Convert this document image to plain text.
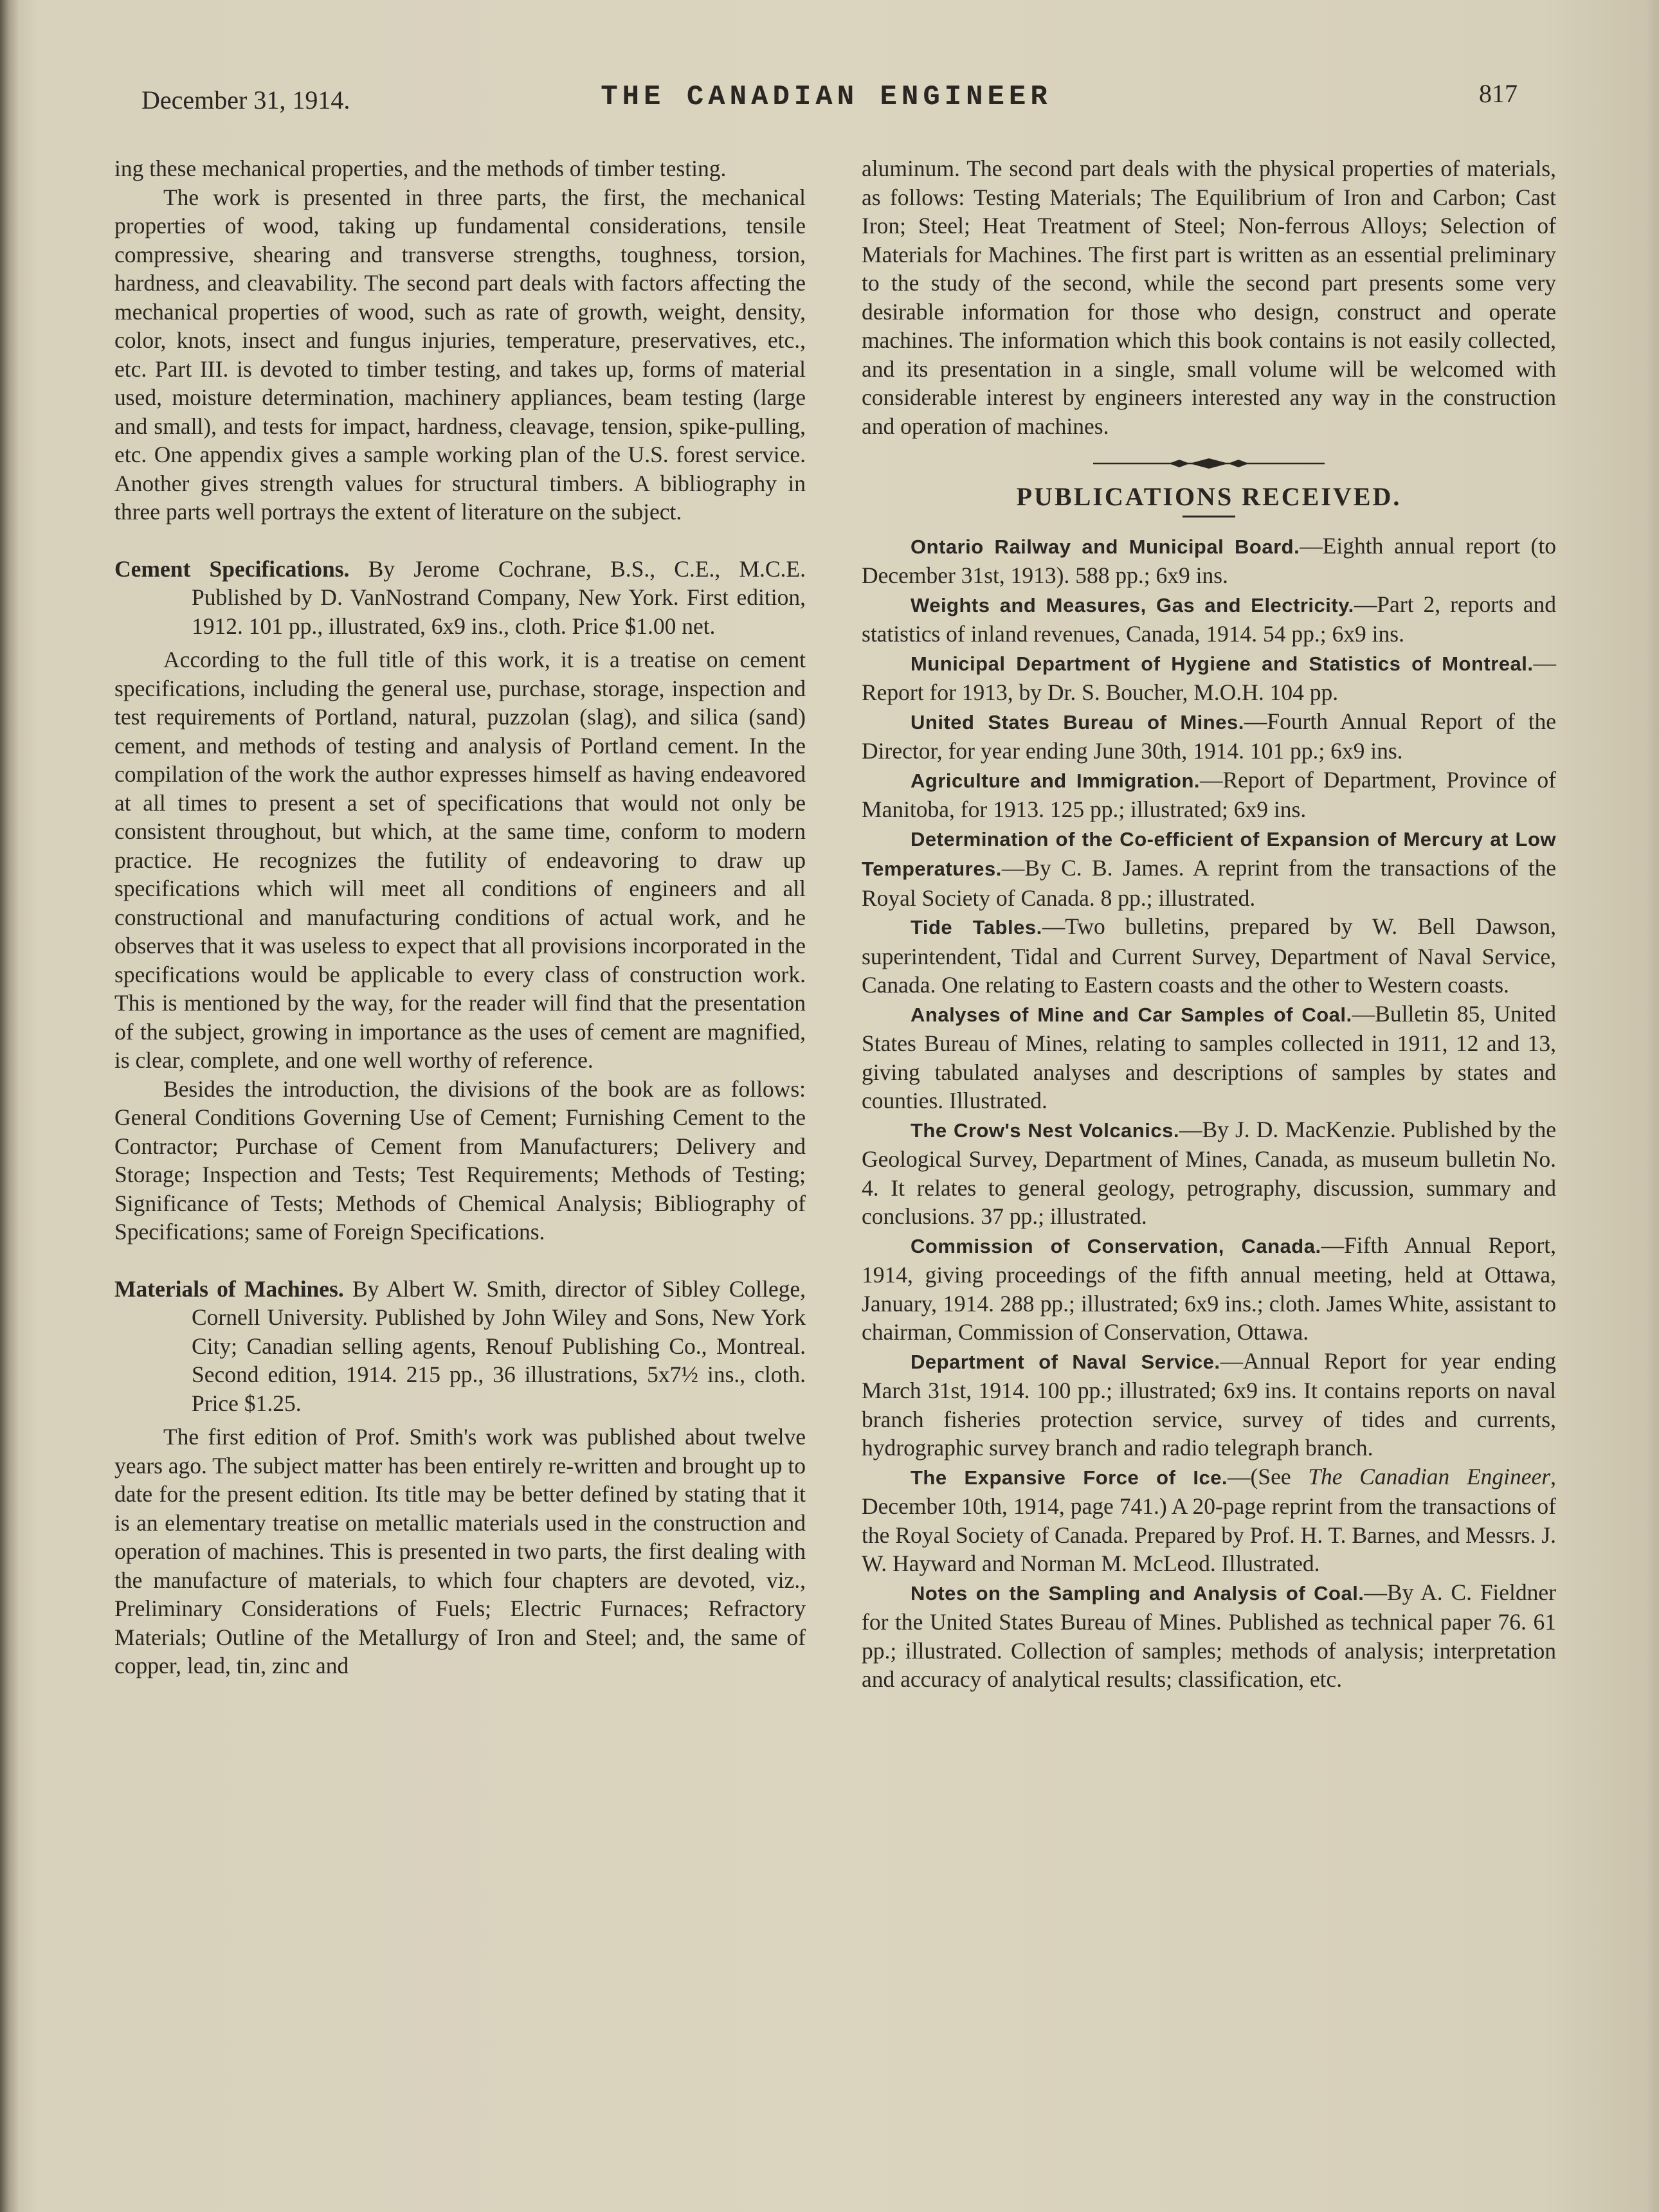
December 31, 1914.	THE CANADIAN ENGINEER	817

ing these mechanical properties, and the methods of timber testing.

The work is presented in three parts, the first, the mechanical properties of wood, taking up fundamental considerations, tensile compressive, shearing and transverse strengths, toughness, torsion, hardness, and cleavability. The second part deals with factors affecting the mechanical properties of wood, such as rate of growth, weight, density, color, knots, insect and fungus injuries, temperature, preservatives, etc., etc. Part III. is devoted to timber testing, and takes up, forms of material used, moisture determination, machinery appliances, beam testing (large and small), and tests for impact, hardness, cleavage, tension, spike-pulling, etc. One appendix gives a sample working plan of the U.S. forest service. Another gives strength values for structural timbers. A bibliography in three parts well portrays the extent of literature on the subject.

Cement Specifications. By Jerome Cochrane, B.S., C.E., M.C.E. Published by D. VanNostrand Company, New York. First edition, 1912. 101 pp., illustrated, 6x9 ins., cloth. Price $1.00 net.

According to the full title of this work, it is a treatise on cement specifications, including the general use, purchase, storage, inspection and test requirements of Portland, natural, puzzolan (slag), and silica (sand) cement, and methods of testing and analysis of Portland cement. In the compilation of the work the author expresses himself as having endeavored at all times to present a set of specifications that would not only be consistent throughout, but which, at the same time, conform to modern practice. He recognizes the futility of endeavoring to draw up specifications which will meet all conditions of engineers and all constructional and manufacturing conditions of actual work, and he observes that it was useless to expect that all provisions incorporated in the specifications would be applicable to every class of construction work. This is mentioned by the way, for the reader will find that the presentation of the subject, growing in importance as the uses of cement are magnified, is clear, complete, and one well worthy of reference.

Besides the introduction, the divisions of the book are as follows: General Conditions Governing Use of Cement; Furnishing Cement to the Contractor; Purchase of Cement from Manufacturers; Delivery and Storage; Inspection and Tests; Test Requirements; Methods of Testing; Significance of Tests; Methods of Chemical Analysis; Bibliography of Specifications; same of Foreign Specifications.

Materials of Machines. By Albert W. Smith, director of Sibley College, Cornell University. Published by John Wiley and Sons, New York City; Canadian selling agents, Renouf Publishing Co., Montreal. Second edition, 1914. 215 pp., 36 illustrations, 5x7½ ins., cloth. Price $1.25.

The first edition of Prof. Smith's work was published about twelve years ago. The subject matter has been entirely re-written and brought up to date for the present edition. Its title may be better defined by stating that it is an elementary treatise on metallic materials used in the construction and operation of machines. This is presented in two parts, the first dealing with the manufacture of materials, to which four chapters are devoted, viz., Preliminary Considerations of Fuels; Electric Furnaces; Refractory Materials; Outline of the Metallurgy of Iron and Steel; and, the same of copper, lead, tin, zinc and

aluminum. The second part deals with the physical properties of materials, as follows: Testing Materials; The Equilibrium of Iron and Carbon; Cast Iron; Steel; Heat Treatment of Steel; Non-ferrous Alloys; Selection of Materials for Machines. The first part is written as an essential preliminary to the study of the second, while the second part presents some very desirable information for those who design, construct and operate machines. The information which this book contains is not easily collected, and its presentation in a single, small volume will be welcomed with considerable interest by engineers interested any way in the construction and operation of machines.

PUBLICATIONS RECEIVED.

Ontario Railway and Municipal Board.—Eighth annual report (to December 31st, 1913). 588 pp.; 6x9 ins.

Weights and Measures, Gas and Electricity.—Part 2, reports and statistics of inland revenues, Canada, 1914. 54 pp.; 6x9 ins.

Municipal Department of Hygiene and Statistics of Montreal.—Report for 1913, by Dr. S. Boucher, M.O.H. 104 pp.

United States Bureau of Mines.—Fourth Annual Report of the Director, for year ending June 30th, 1914. 101 pp.; 6x9 ins.

Agriculture and Immigration.—Report of Department, Province of Manitoba, for 1913. 125 pp.; illustrated; 6x9 ins.

Determination of the Co-efficient of Expansion of Mercury at Low Temperatures.—By C. B. James. A reprint from the transactions of the Royal Society of Canada. 8 pp.; illustrated.

Tide Tables.—Two bulletins, prepared by W. Bell Dawson, superintendent, Tidal and Current Survey, Department of Naval Service, Canada. One relating to Eastern coasts and the other to Western coasts.

Analyses of Mine and Car Samples of Coal.—Bulletin 85, United States Bureau of Mines, relating to samples collected in 1911, 12 and 13, giving tabulated analyses and descriptions of samples by states and counties. Illustrated.

The Crow's Nest Volcanics.—By J. D. MacKenzie. Published by the Geological Survey, Department of Mines, Canada, as museum bulletin No. 4. It relates to general geology, petrography, discussion, summary and conclusions. 37 pp.; illustrated.

Commission of Conservation, Canada.—Fifth Annual Report, 1914, giving proceedings of the fifth annual meeting, held at Ottawa, January, 1914. 288 pp.; illustrated; 6x9 ins.; cloth. James White, assistant to chairman, Commission of Conservation, Ottawa.

Department of Naval Service.—Annual Report for year ending March 31st, 1914. 100 pp.; illustrated; 6x9 ins. It contains reports on naval branch fisheries protection service, survey of tides and currents, hydrographic survey branch and radio telegraph branch.

The Expansive Force of Ice.—(See The Canadian Engineer, December 10th, 1914, page 741.) A 20-page reprint from the transactions of the Royal Society of Canada. Prepared by Prof. H. T. Barnes, and Messrs. J. W. Hayward and Norman M. McLeod. Illustrated.

Notes on the Sampling and Analysis of Coal.—By A. C. Fieldner for the United States Bureau of Mines. Published as technical paper 76. 61 pp.; illustrated. Collection of samples; methods of analysis; interpretation and accuracy of analytical results; classification, etc.
